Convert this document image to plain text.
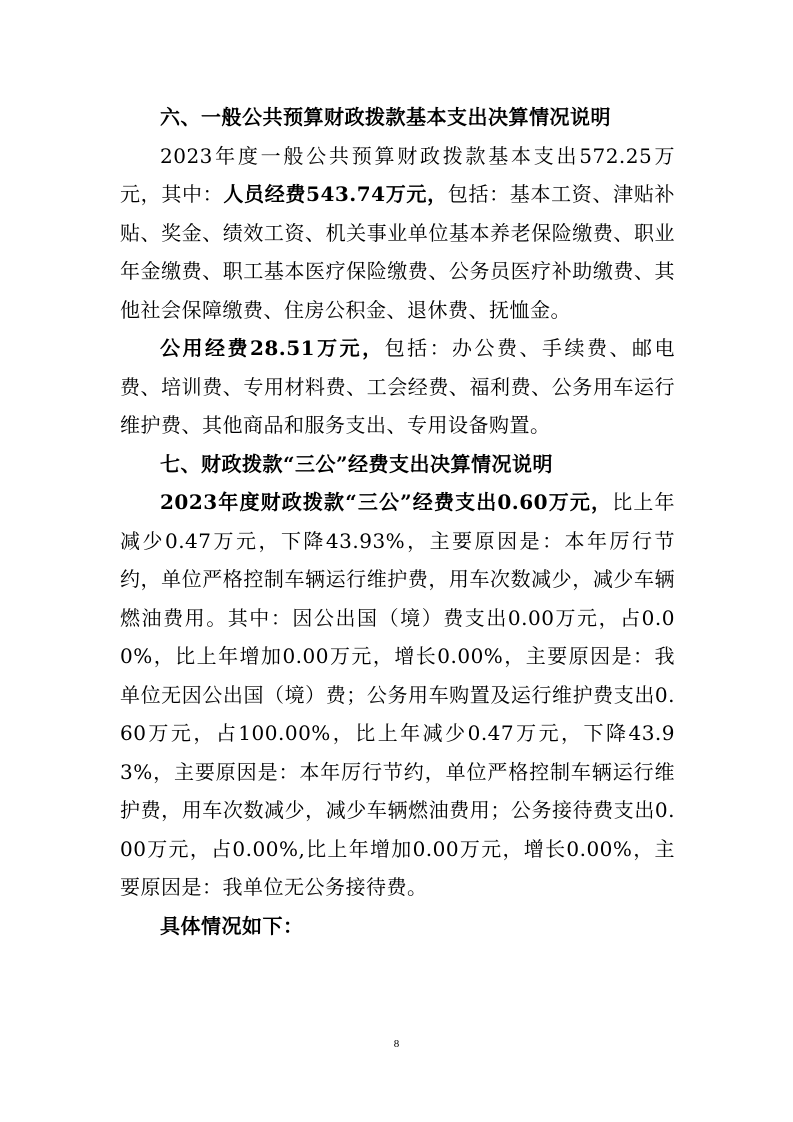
六、一般公共预算财政拨款基本支出决算情况说明

2023年度一般公共预算财政拨款基本支出572.25万元，其中：人员经费543.74万元，包括：基本工资、津贴补贴、奖金、绩效工资、机关事业单位基本养老保险缴费、职业年金缴费、职工基本医疗保险缴费、公务员医疗补助缴费、其他社会保障缴费、住房公积金、退休费、抚恤金。

公用经费28.51万元，包括：办公费、手续费、邮电费、培训费、专用材料费、工会经费、福利费、公务用车运行维护费、其他商品和服务支出、专用设备购置。

七、财政拨款“三公”经费支出决算情况说明

2023年度财政拨款“三公”经费支出0.60万元，比上年减少0.47万元，下降43.93%，主要原因是：本年厉行节约，单位严格控制车辆运行维护费，用车次数减少，减少车辆燃油费用。其中：因公出国（境）费支出0.00万元，占0.00%，比上年增加0.00万元，增长0.00%，主要原因是：我单位无因公出国（境）费；公务用车购置及运行维护费支出0.60万元，占100.00%，比上年减少0.47万元，下降43.93%，主要原因是：本年厉行节约，单位严格控制车辆运行维护费，用车次数减少，减少车辆燃油费用；公务接待费支出0.00万元，占0.00%,比上年增加0.00万元，增长0.00%，主要原因是：我单位无公务接待费。

具体情况如下：

8
